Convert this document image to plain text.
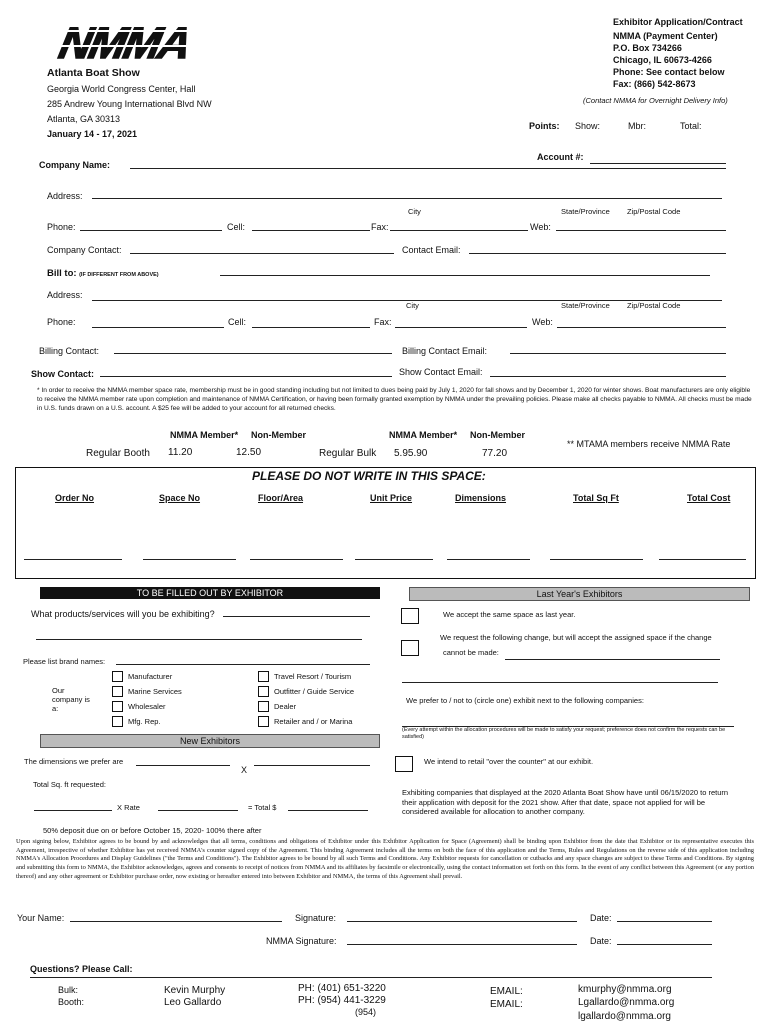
NMMA
Atlanta Boat Show
Georgia World Congress Center, Hall
285 Andrew Young International Blvd NW
Atlanta, GA 30313
January 14 - 17, 2021
Exhibitor Application/Contract
NMMA (Payment Center)
P.O. Box 734266
Chicago, IL 60673-4266
Phone: See contact below
Fax: (866) 542-8673
(Contact NMMA for Overnight Delivery Info)
Points: Show:	Mbr:	Total:
Account #:
Company Name:
Address:
City	State/Province Zip/Postal Code
Phone:	Cell:	Fax:	Web:
Company Contact:	Contact Email:
Bill to: (IF DIFFERENT FROM ABOVE)
Address:
City	State/Province Zip/Postal Code
Phone:	Cell:	Fax:	Web:
Billing Contact:	Billing Contact Email:
Show Contact:	Show Contact Email:
* In order to receive the NMMA member space rate, membership must be in good standing including but not limited to dues being paid by July 1, 2020 for fall shows and by December 1, 2020 for winter shows. Boat manufacturers are only eligible to receive the NMMA member rate upon completion and maintenance of NMMA Certification, or having been formally granted exemption by NMMA under the prevailing policies. Please make all checks payable to NMMA. All checks must be made in U.S. funds drawn on a U.S. account. A $25 fee will be added to your account for all returned checks.
NMMA Member* Non-Member	NMMA Member* Non-Member
** MTAMA members receive NMMA Rate
Regular Booth 11.20	12.50	Regular Bulk 5.95.90	77.20
PLEASE DO NOT WRITE IN THIS SPACE:
Order No	Space No	Floor/Area	Unit Price	Dimensions	Total Sq Ft	Total Cost
TO BE FILLED OUT BY EXHIBITOR
What products/services will you be exhibiting?
Please list brand names:
Our company is a:
Manufacturer
Marine Services
Wholesaler
Mfg. Rep.
Travel Resort / Tourism
Outfitter / Guide Service
Dealer
Retailer and / or Marina
New Exhibitors
The dimensions we prefer are
X
Total Sq. ft requested:
X Rate	= Total $
50% deposit due on or before October 15, 2020- 100% there after
Last Year's Exhibitors
We accept the same space as last year.
We request the following change, but will accept the assigned space if the change
cannot be made:
We prefer to / not to (circle one) exhibit next to the following companies:
(Every attempt within the allocation procedures will be made to satisfy your request; preference does not confirm the requests can be satisfied)
We intend to retail "over the counter" at our exhibit.
Exhibiting companies that displayed at the 2020 Atlanta Boat Show have until 06/15/2020 to return their application with deposit for the 2021 show. After that date, space not applied for will be considered available for allocation to another company.
Upon signing below, Exhibitor agrees to be bound by and acknowledges that all terms, conditions and obligations of Exhibitor under this Exhibitor Application for Space (Agreement) shall be binding upon Exhibitor from the date that Exhibitor or its representative executes this Agreement, irrespective of whether Exhibitor has yet received NMMA's counter signed copy of the Agreement. This binding Agreement includes all the terms on both the face of this application and the Terms, Rules and Regulations on the reverse side of this application including NMMA's Allocation Procedures and Display Guidelines ("the Terms and Conditions"). The Exhibitor agrees to be bound by all such Terms and Conditions. Any Exhibitor requests for cancellation or cutbacks and any space changes are subject to these Terms and Conditions. By signing and submitting this form to NMMA, the Exhibitor acknowledges, agrees and consents to receipt of notices from NMMA and its affiliates by facsimile or electronically, using the contact information set forth on this form. In the event of any conflict between this Agreement (or any portion thereof) and any other agreement or Exhibitor purchase order, now existing or hereafter entered into between Exhibitor and NMMA, the terms of this Agreement shall prevail.
Your Name:	Signature:	Date:
NMMA Signature:	Date:
Questions? Please Call:
Bulk:	Kevin Murphy	PH: (401) 651-3220	EMAIL:	kmurphy@nmma.org
Booth:	Leo Gallardo	PH: (954) 441-3229	EMAIL:	Lgallardo@nmma.org
(954)	lgallardo@nmma.org
